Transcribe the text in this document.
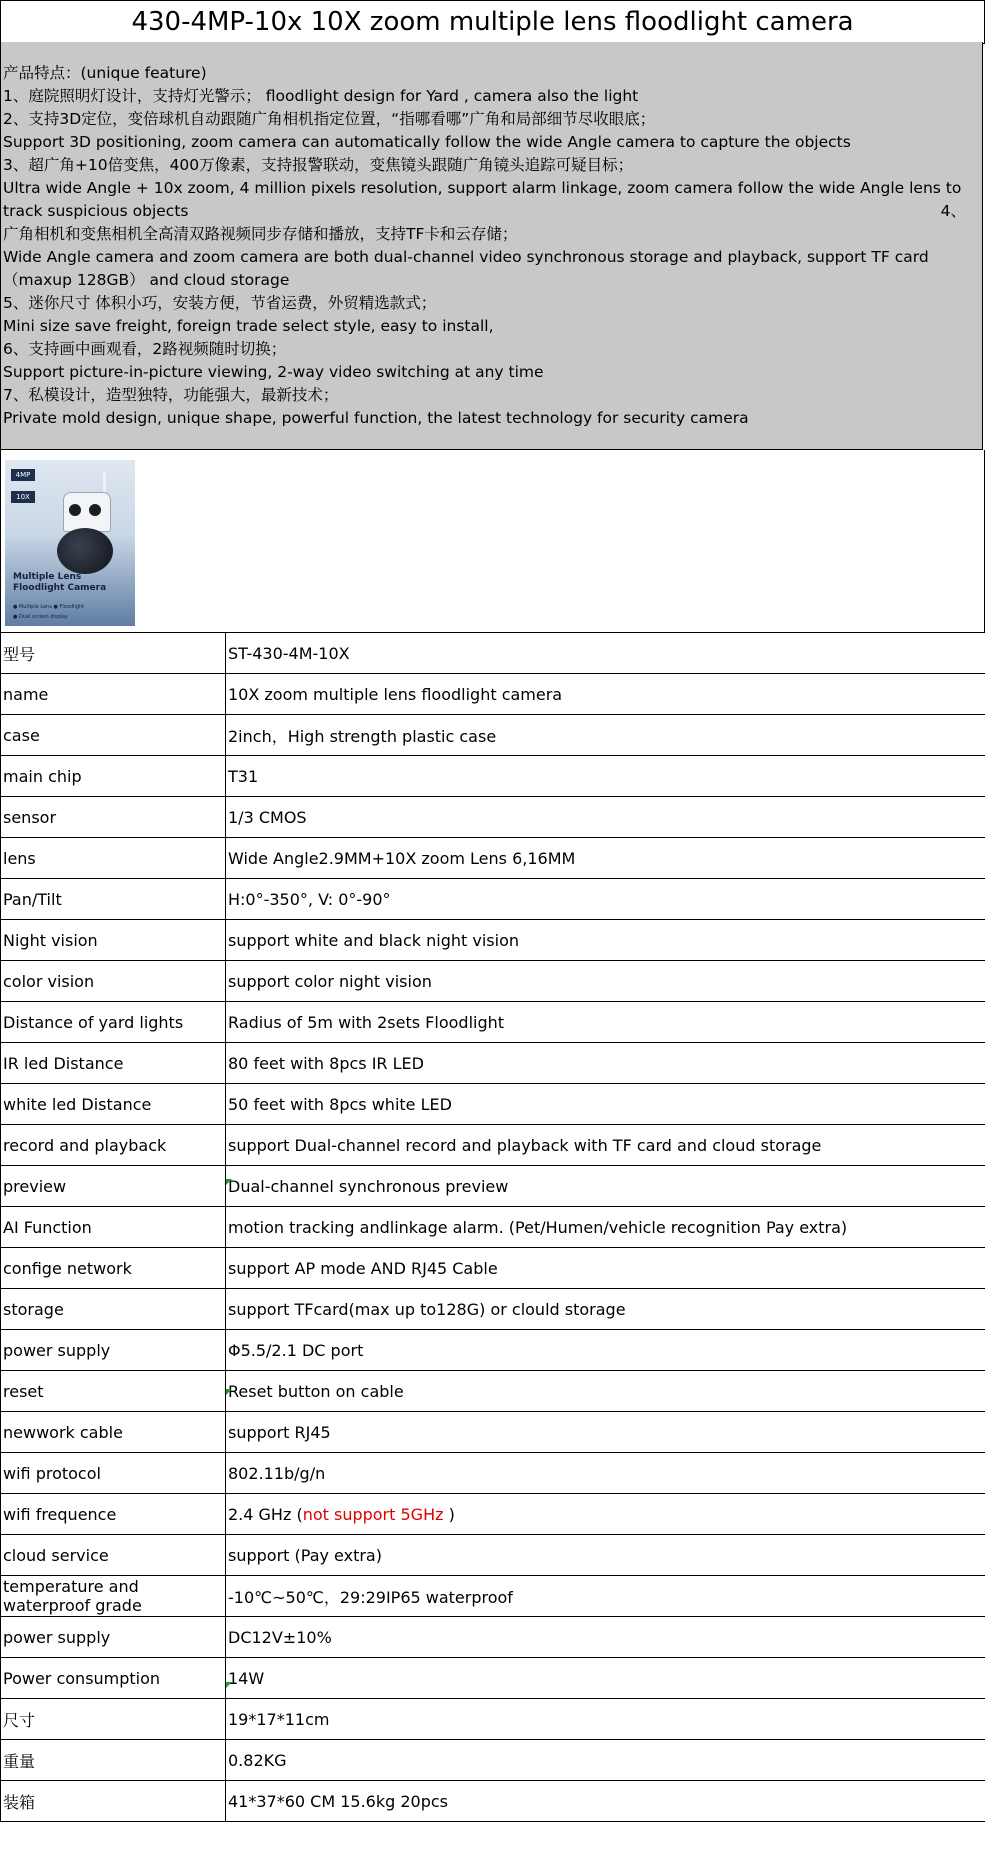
430-4MP-10x 10X zoom multiple lens floodlight camera
产品特点：(unique feature)
1、庭院照明灯设计，支持灯光警示； floodlight design for Yard , camera also the light
2、支持3D定位，变倍球机自动跟随广角相机指定位置，“指哪看哪”广角和局部细节尽收眼底；
Support 3D positioning, zoom camera can automatically follow the wide Angle camera to capture the objects
3、超广角+10倍变焦，400万像素，支持报警联动，变焦镜头跟随广角镜头追踪可疑目标；
Ultra wide Angle + 10x zoom, 4 million pixels resolution, support alarm linkage, zoom camera follow the wide Angle lens to
track suspicious objects	4、
广角相机和变焦相机全高清双路视频同步存储和播放，支持TF卡和云存储；
Wide Angle camera and zoom camera are both dual-channel video synchronous storage and playback, support TF card
（maxup 128GB） and cloud storage
5、迷你尺寸 体积小巧，安装方便，节省运费，外贸精选款式；
Mini size save freight, foreign trade select style, easy to install,
6、支持画中画观看，2路视频随时切换；
Support picture-in-picture viewing, 2-way video switching at any time
7、私模设计，造型独特，功能强大，最新技术；
Private mold design, unique shape, powerful function, the latest technology for security camera
4MP
10X
Multiple Lens
Floodlight Camera
● Multiple Lens ● Floodlight
● Dual screen display
型号	ST-430-4M-10X
name	10X zoom multiple lens floodlight camera
case	2inch，High strength plastic case
main chip	T31
sensor	1/3 CMOS
lens	Wide Angle2.9MM+10X zoom Lens 6,16MM
Pan/Tilt	H:0°-350°, V: 0°-90°
Night vision	support white and black night vision
color vision	support color night vision
Distance of yard lights	Radius of 5m with 2sets Floodlight
IR led Distance	80 feet with 8pcs IR LED
white led Distance	50 feet with 8pcs white LED
record and playback	support Dual-channel record and playback with TF card and cloud storage
preview	Dual-channel synchronous preview
AI Function	motion tracking andlinkage alarm. (Pet/Humen/vehicle recognition Pay extra)
confige network	support AP mode AND RJ45 Cable
storage	support TFcard(max up to128G) or clould storage
power supply	Φ5.5/2.1 DC port
reset	Reset button on cable
newwork cable	support RJ45
wifi protocol	802.11b/g/n
wifi frequence	2.4 GHz (not support 5GHz )
cloud service	support (Pay extra)
temperature and waterproof grade	-10℃~50℃，29:29IP65 waterproof
power supply	DC12V±10%
Power consumption	14W
尺寸	19*17*11cm
重量	0.82KG
装箱	41*37*60 CM 15.6kg 20pcs
